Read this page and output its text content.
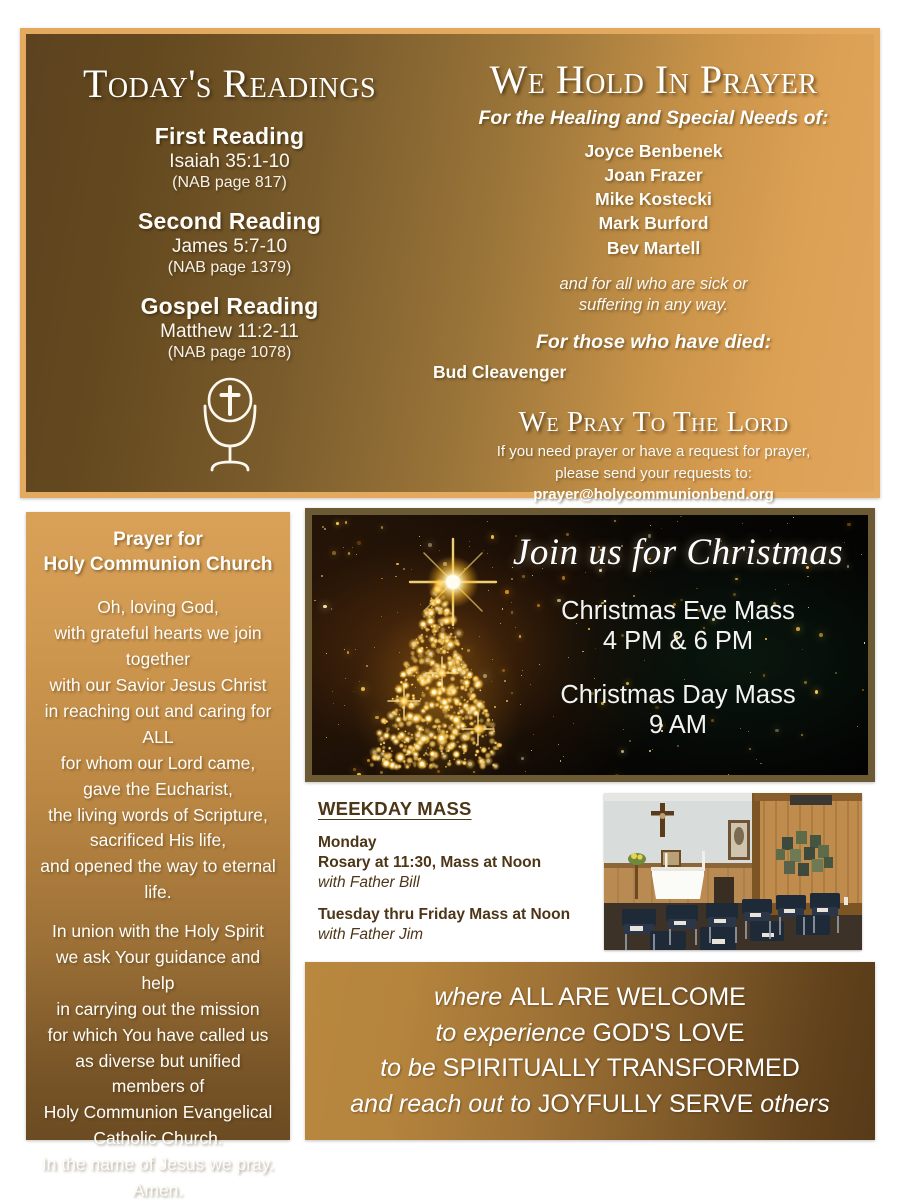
Today's Readings
First Reading
Isaiah 35:1-10
(NAB page 817)
Second Reading
James 5:7-10
(NAB page 1379)
Gospel Reading
Matthew 11:2-11
(NAB page 1078)
We Hold In Prayer
For the Healing and Special Needs of:
Joyce Benbenek
Joan Frazer
Mike Kostecki
Mark Burford
Bev Martell
and for all who are sick or
suffering in any way.
For those who have died:
Bud Cleavenger
We Pray To The Lord
If you need prayer or have a request for prayer,
please send your requests to:
prayer@holycommunionbend.org
Prayer for
Holy Communion Church
Oh, loving God,
with grateful hearts we join together
with our Savior Jesus Christ
in reaching out and caring for ALL
for whom our Lord came,
gave the Eucharist,
the living words of Scripture,
sacrificed His life,
and opened the way to eternal life.
In union with the Holy Spirit
we ask Your guidance and help
in carrying out the mission
for which You have called us
as diverse but unified members of
Holy Communion Evangelical
Catholic Church.
In the name of Jesus we pray.
Amen.
Join us for Christmas
Christmas Eve Mass
4 PM & 6 PM
Christmas Day Mass
9 AM
WEEKDAY MASS
Monday
Rosary at 11:30, Mass at Noon
with Father Bill
Tuesday thru Friday Mass at Noon
with Father Jim
where ALL ARE WELCOME
to experience GOD'S LOVE
to be SPIRITUALLY TRANSFORMED
and reach out to JOYFULLY SERVE others
